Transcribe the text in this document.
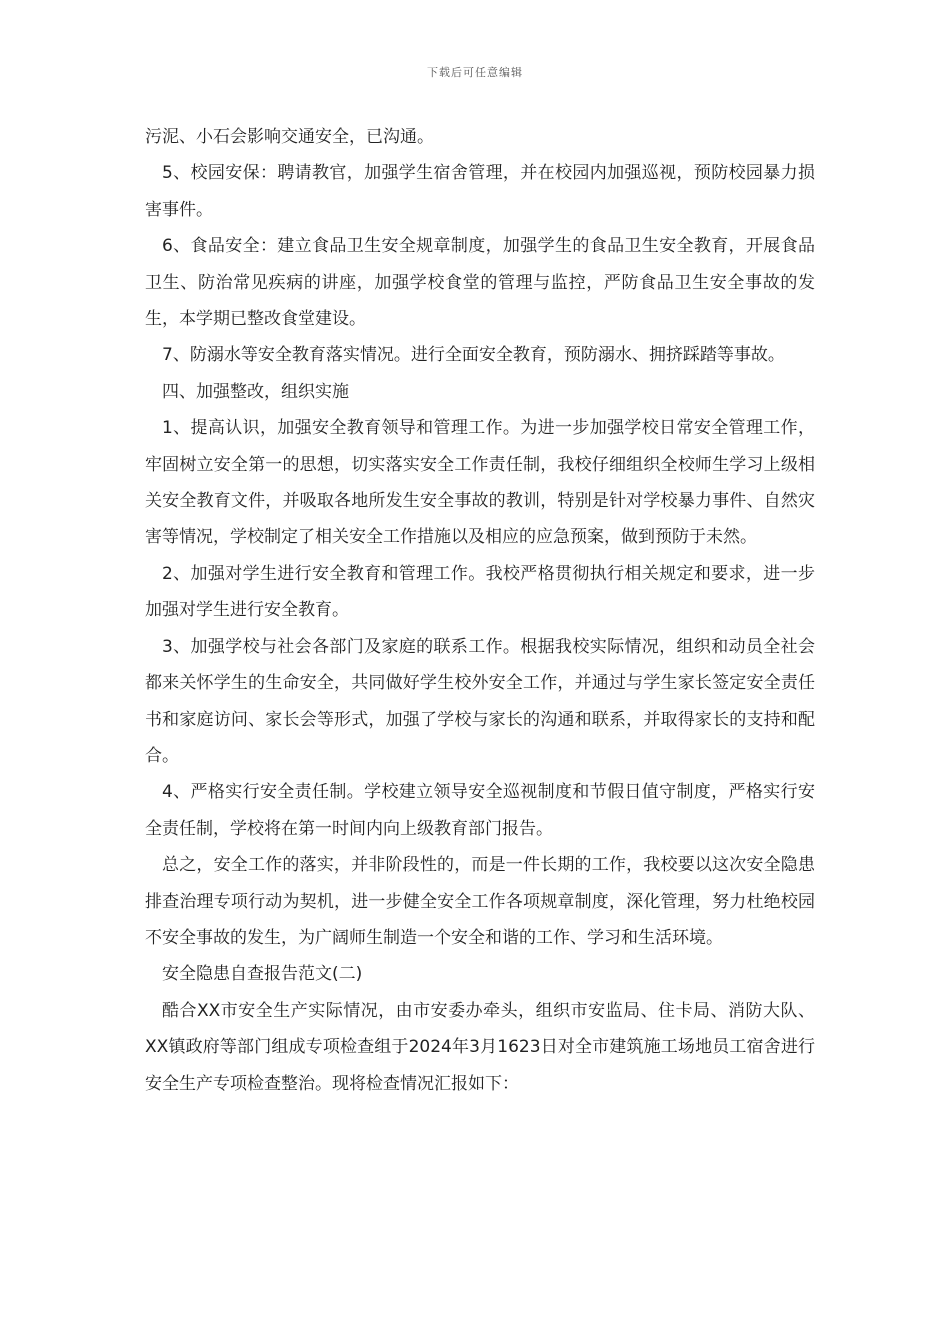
下载后可任意编辑

污泥、小石会影响交通安全，已沟通。

5、校园安保：聘请教官，加强学生宿舍管理，并在校园内加强巡视，预防校园暴力损害事件。

6、食品安全：建立食品卫生安全规章制度，加强学生的食品卫生安全教育，开展食品卫生、防治常见疾病的讲座，加强学校食堂的管理与监控，严防食品卫生安全事故的发生，本学期已整改食堂建设。

7、防溺水等安全教育落实情况。进行全面安全教育，预防溺水、拥挤踩踏等事故。

四、加强整改，组织实施

1、提高认识，加强安全教育领导和管理工作。为进一步加强学校日常安全管理工作，牢固树立安全第一的思想，切实落实安全工作责任制，我校仔细组织全校师生学习上级相关安全教育文件，并吸取各地所发生安全事故的教训，特别是针对学校暴力事件、自然灾害等情况，学校制定了相关安全工作措施以及相应的应急预案，做到预防于未然。

2、加强对学生进行安全教育和管理工作。我校严格贯彻执行相关规定和要求，进一步加强对学生进行安全教育。

3、加强学校与社会各部门及家庭的联系工作。根据我校实际情况，组织和动员全社会都来关怀学生的生命安全，共同做好学生校外安全工作，并通过与学生家长签定安全责任书和家庭访问、家长会等形式，加强了学校与家长的沟通和联系，并取得家长的支持和配合。

4、严格实行安全责任制。学校建立领导安全巡视制度和节假日值守制度，严格实行安全责任制，学校将在第一时间内向上级教育部门报告。

总之，安全工作的落实，并非阶段性的，而是一件长期的工作，我校要以这次安全隐患排查治理专项行动为契机，进一步健全安全工作各项规章制度，深化管理，努力杜绝校园不安全事故的发生，为广阔师生制造一个安全和谐的工作、学习和生活环境。

安全隐患自查报告范文(二)

酷合XX市安全生产实际情况，由市安委办牵头，组织市安监局、住卡局、消防大队、XX镇政府等部门组成专项检查组于2024年3月1623日对全市建筑施工场地员工宿舍进行安全生产专项检查整治。现将检查情况汇报如下：
